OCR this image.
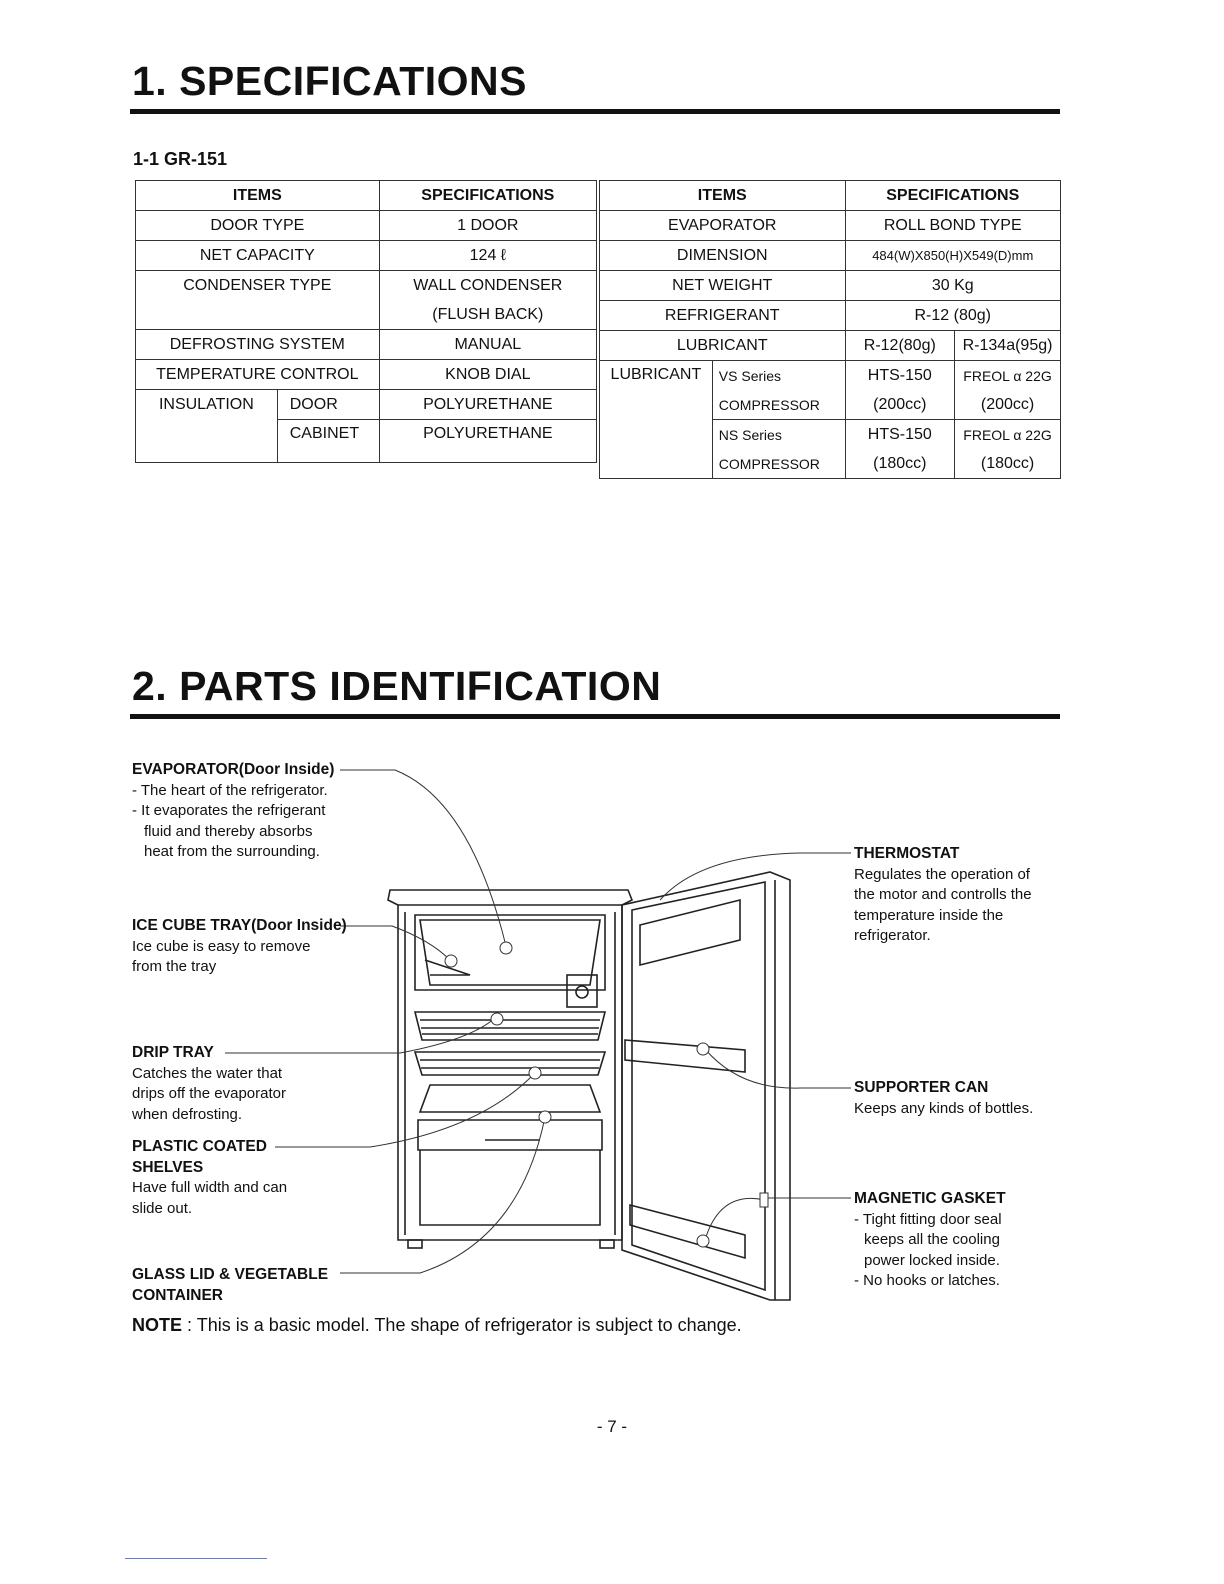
1. SPECIFICATIONS
1-1 GR-151
ITEMS		SPECIFICATIONS
DOOR TYPE		1 DOOR
NET CAPACITY		124 ℓ
CONDENSER TYPE		WALL CONDENSER
		(FLUSH BACK)
DEFROSTING SYSTEM		MANUAL
TEMPERATURE CONTROL		KNOB DIAL
INSULATION	DOOR	POLYURETHANE
	CABINET	POLYURETHANE
ITEMS		SPECIFICATIONS	
EVAPORATOR		ROLL BOND TYPE	
DIMENSION		484(W)X850(H)X549(D)mm	
NET WEIGHT		30 Kg	
REFRIGERANT		R-12 (80g)	
LUBRICANT		R-12(80g)	R-134a(95g)
LUBRICANT	VS Series	HTS-150	FREOL α 22G
	COMPRESSOR	(200cc)	(200cc)
	NS Series	HTS-150	FREOL α 22G
	COMPRESSOR	(180cc)	(180cc)
2. PARTS IDENTIFICATION
EVAPORATOR(Door Inside)
- The heart of the refrigerator.
- It evaporates the refrigerant
fluid and thereby absorbs
heat from the surrounding.
ICE CUBE TRAY(Door Inside)
Ice cube is easy to remove
from the tray
DRIP TRAY
Catches the water that
drips off the evaporator
when defrosting.
PLASTIC COATED
SHELVES
Have full width and can
slide out.
GLASS LID & VEGETABLE
CONTAINER
THERMOSTAT
Regulates the operation of
the motor and controlls the
temperature inside the
refrigerator.
SUPPORTER CAN
Keeps any kinds of bottles.
MAGNETIC GASKET
- Tight fitting door seal
keeps all the cooling
power locked inside.
- No hooks or latches.
NOTE : This is a basic model. The shape of refrigerator is subject to change.
- 7 -
